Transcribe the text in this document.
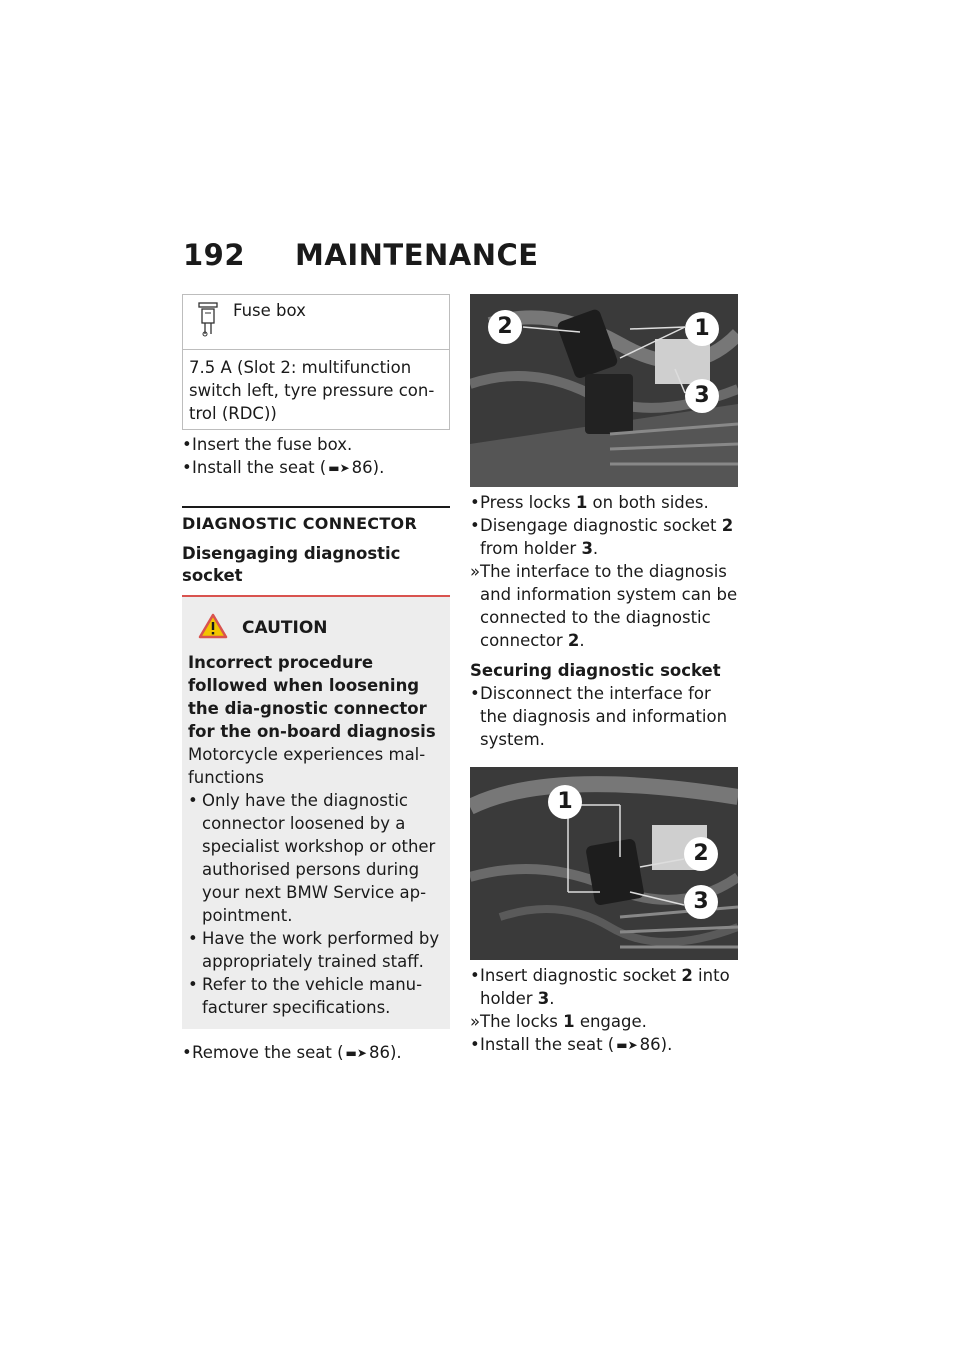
192 MAINTENANCE
Fuse box
7.5 A (Slot 2: multifunction switch left, tyre pressure con-trol (RDC))
• Insert the fuse box.
• Install the seat ( ▬➤ 86).
DIAGNOSTIC CONNECTOR
Disengaging diagnostic socket
CAUTION
Incorrect procedure followed when loosening the dia-gnostic connector for the on-board diagnosis
Motorcycle experiences mal-functions
• Only have the diagnostic connector loosened by a specialist workshop or other authorised persons during your next BMW Service ap-pointment.
• Have the work performed by appropriately trained staff.
• Refer to the vehicle manu-facturer specifications.
• Remove the seat ( ▬➤ 86).
2	1
3
• Press locks 1 on both sides.
• Disengage diagnostic socket 2 from holder 3.
» The interface to the diagnosis and information system can be connected to the diagnostic connector 2.
Securing diagnostic socket
• Disconnect the interface for the diagnosis and information system.
1
2
3
• Insert diagnostic socket 2 into holder 3.
» The locks 1 engage.
• Install the seat ( ▬➤ 86).
